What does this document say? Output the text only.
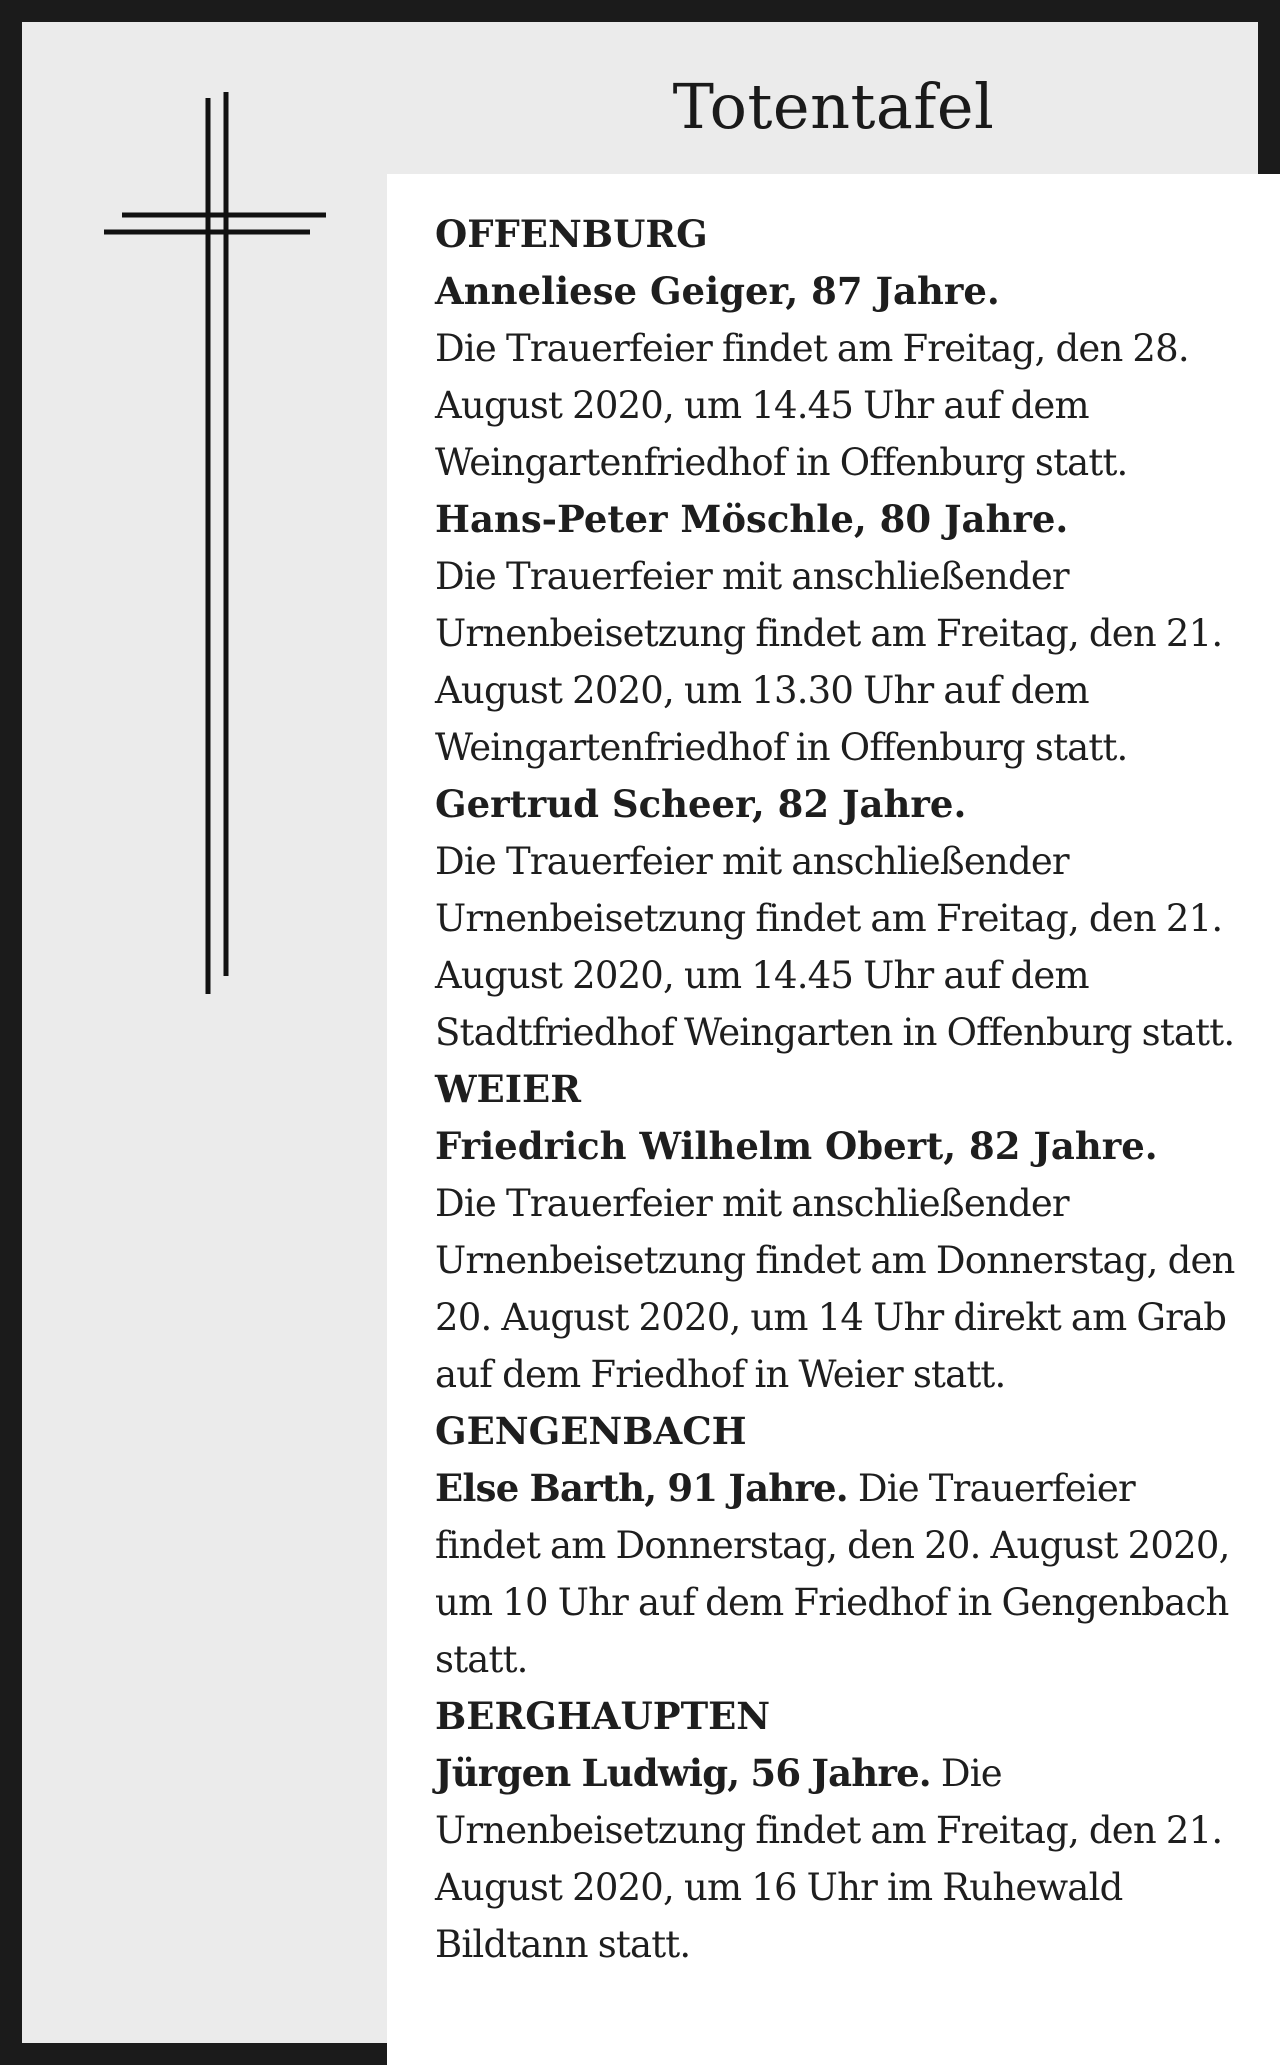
Totentafel

OFFENBURG

Anneliese Geiger, 87 Jahre.

Die Trauerfeier findet am Freitag, den 28. August 2020, um 14.45 Uhr auf dem Weingartenfriedhof in Offenburg statt.

Hans-Peter Möschle, 80 Jahre.

Die Trauerfeier mit anschließender Urnenbeisetzung findet am Freitag, den 21. August 2020, um 13.30 Uhr auf dem Weingartenfriedhof in Offenburg statt.

Gertrud Scheer, 82 Jahre.

Die Trauerfeier mit anschließender Urnenbeisetzung findet am Freitag, den 21. August 2020, um 14.45 Uhr auf dem Stadtfriedhof Weingarten in Offenburg statt.

WEIER

Friedrich Wilhelm Obert, 82 Jahre.

Die Trauerfeier mit anschließender Urnenbeisetzung findet am Donnerstag, den 20. August 2020, um 14 Uhr direkt am Grab auf dem Friedhof in Weier statt.

GENGENBACH

Else Barth, 91 Jahre. Die Trauerfeier findet am Donnerstag, den 20. August 2020, um 10 Uhr auf dem Friedhof in Gengenbach statt.

BERGHAUPTEN

Jürgen Ludwig, 56 Jahre. Die Urnenbeisetzung findet am Freitag, den 21. August 2020, um 16 Uhr im Ruhewald Bildtann statt.
